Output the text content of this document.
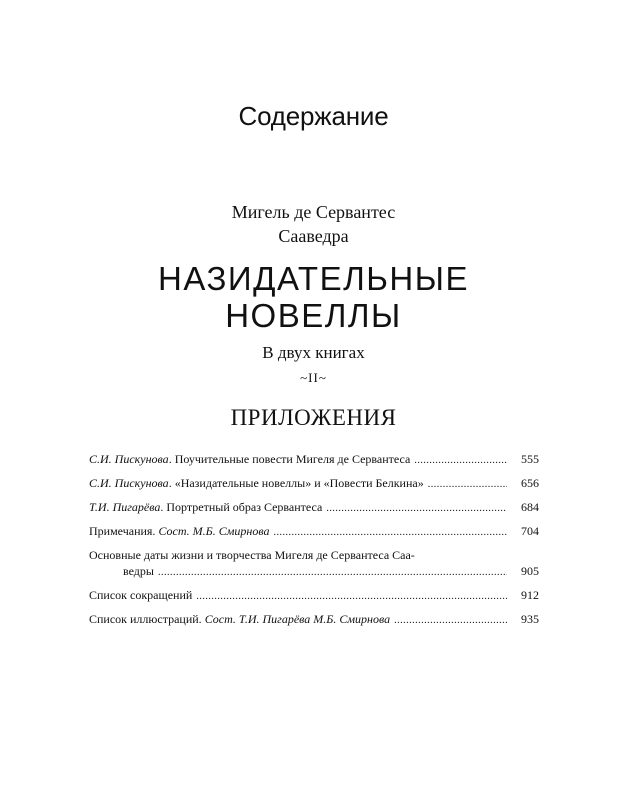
Содержание
Мигель де Сервантес
Сааведра
НАЗИДАТЕЛЬНЫЕ
НОВЕЛЛЫ
В двух книгах
~II~
ПРИЛОЖЕНИЯ
С.И. Пискунова. Поучительные повести Мигеля де Сервантеса .....	555
С.И. Пискунова. «Назидательные новеллы» и «Повести Белкина» .....	656
Т.И. Пигарёва. Портретный образ Сервантеса .....	684
Примечания. Сост. М.Б. Смирнова .....	704
Основные даты жизни и творчества Мигеля де Сервантеса Саа-
ведры .....	905
Список сокращений .....	912
Список иллюстраций. Сост. Т.И. Пигарёва М.Б. Смирнова .....	935
